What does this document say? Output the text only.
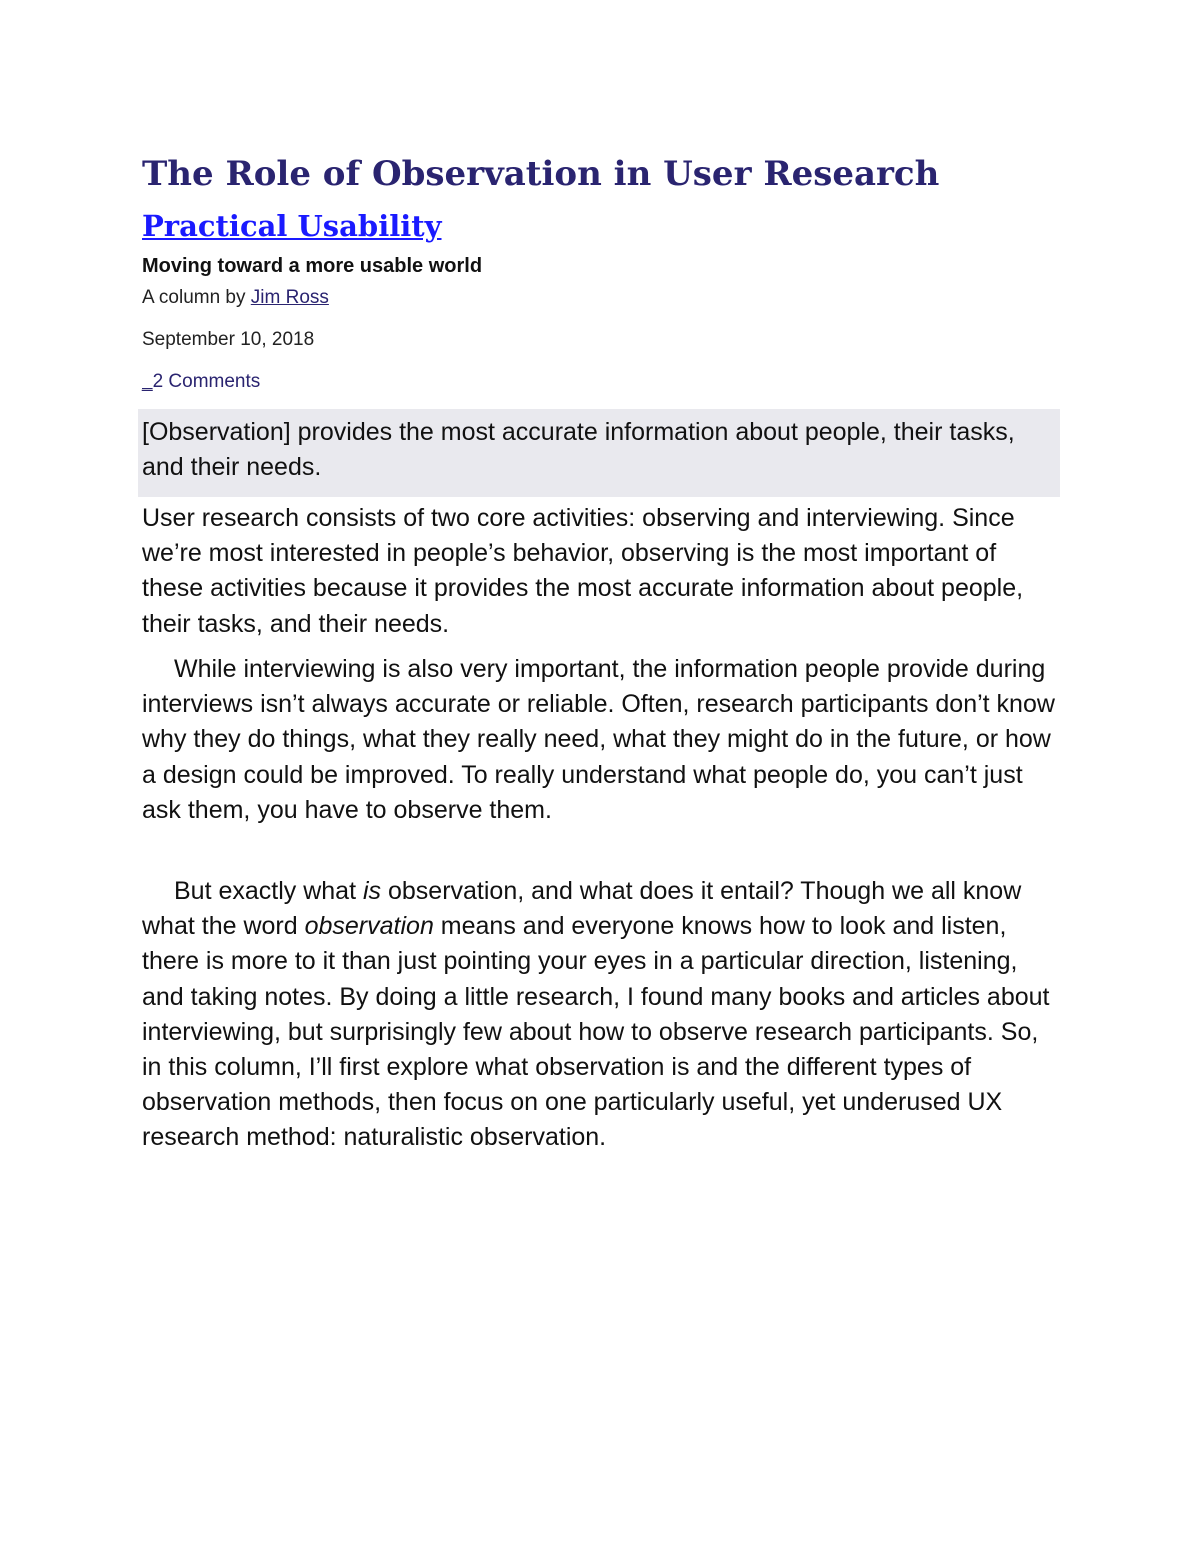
The Role of Observation in User Research
Practical Usability

Moving toward a more usable world

A column by Jim Ross

September 10, 2018

_2 Comments

[Observation] provides the most accurate information about people, their tasks, and their needs.

User research consists of two core activities: observing and interviewing. Since we’re most interested in people’s behavior, observing is the most important of these activities because it provides the most accurate information about people, their tasks, and their needs.

While interviewing is also very important, the information people provide during interviews isn’t always accurate or reliable. Often, research participants don’t know why they do things, what they really need, what they might do in the future, or how a design could be improved. To really understand what people do, you can’t just ask them, you have to observe them.

But exactly what is observation, and what does it entail? Though we all know what the word observation means and everyone knows how to look and listen, there is more to it than just pointing your eyes in a particular direction, listening, and taking notes. By doing a little research, I found many books and articles about interviewing, but surprisingly few about how to observe research participants. So, in this column, I’ll first explore what observation is and the different types of observation methods, then focus on one particularly useful, yet underused UX research method: naturalistic observation.
